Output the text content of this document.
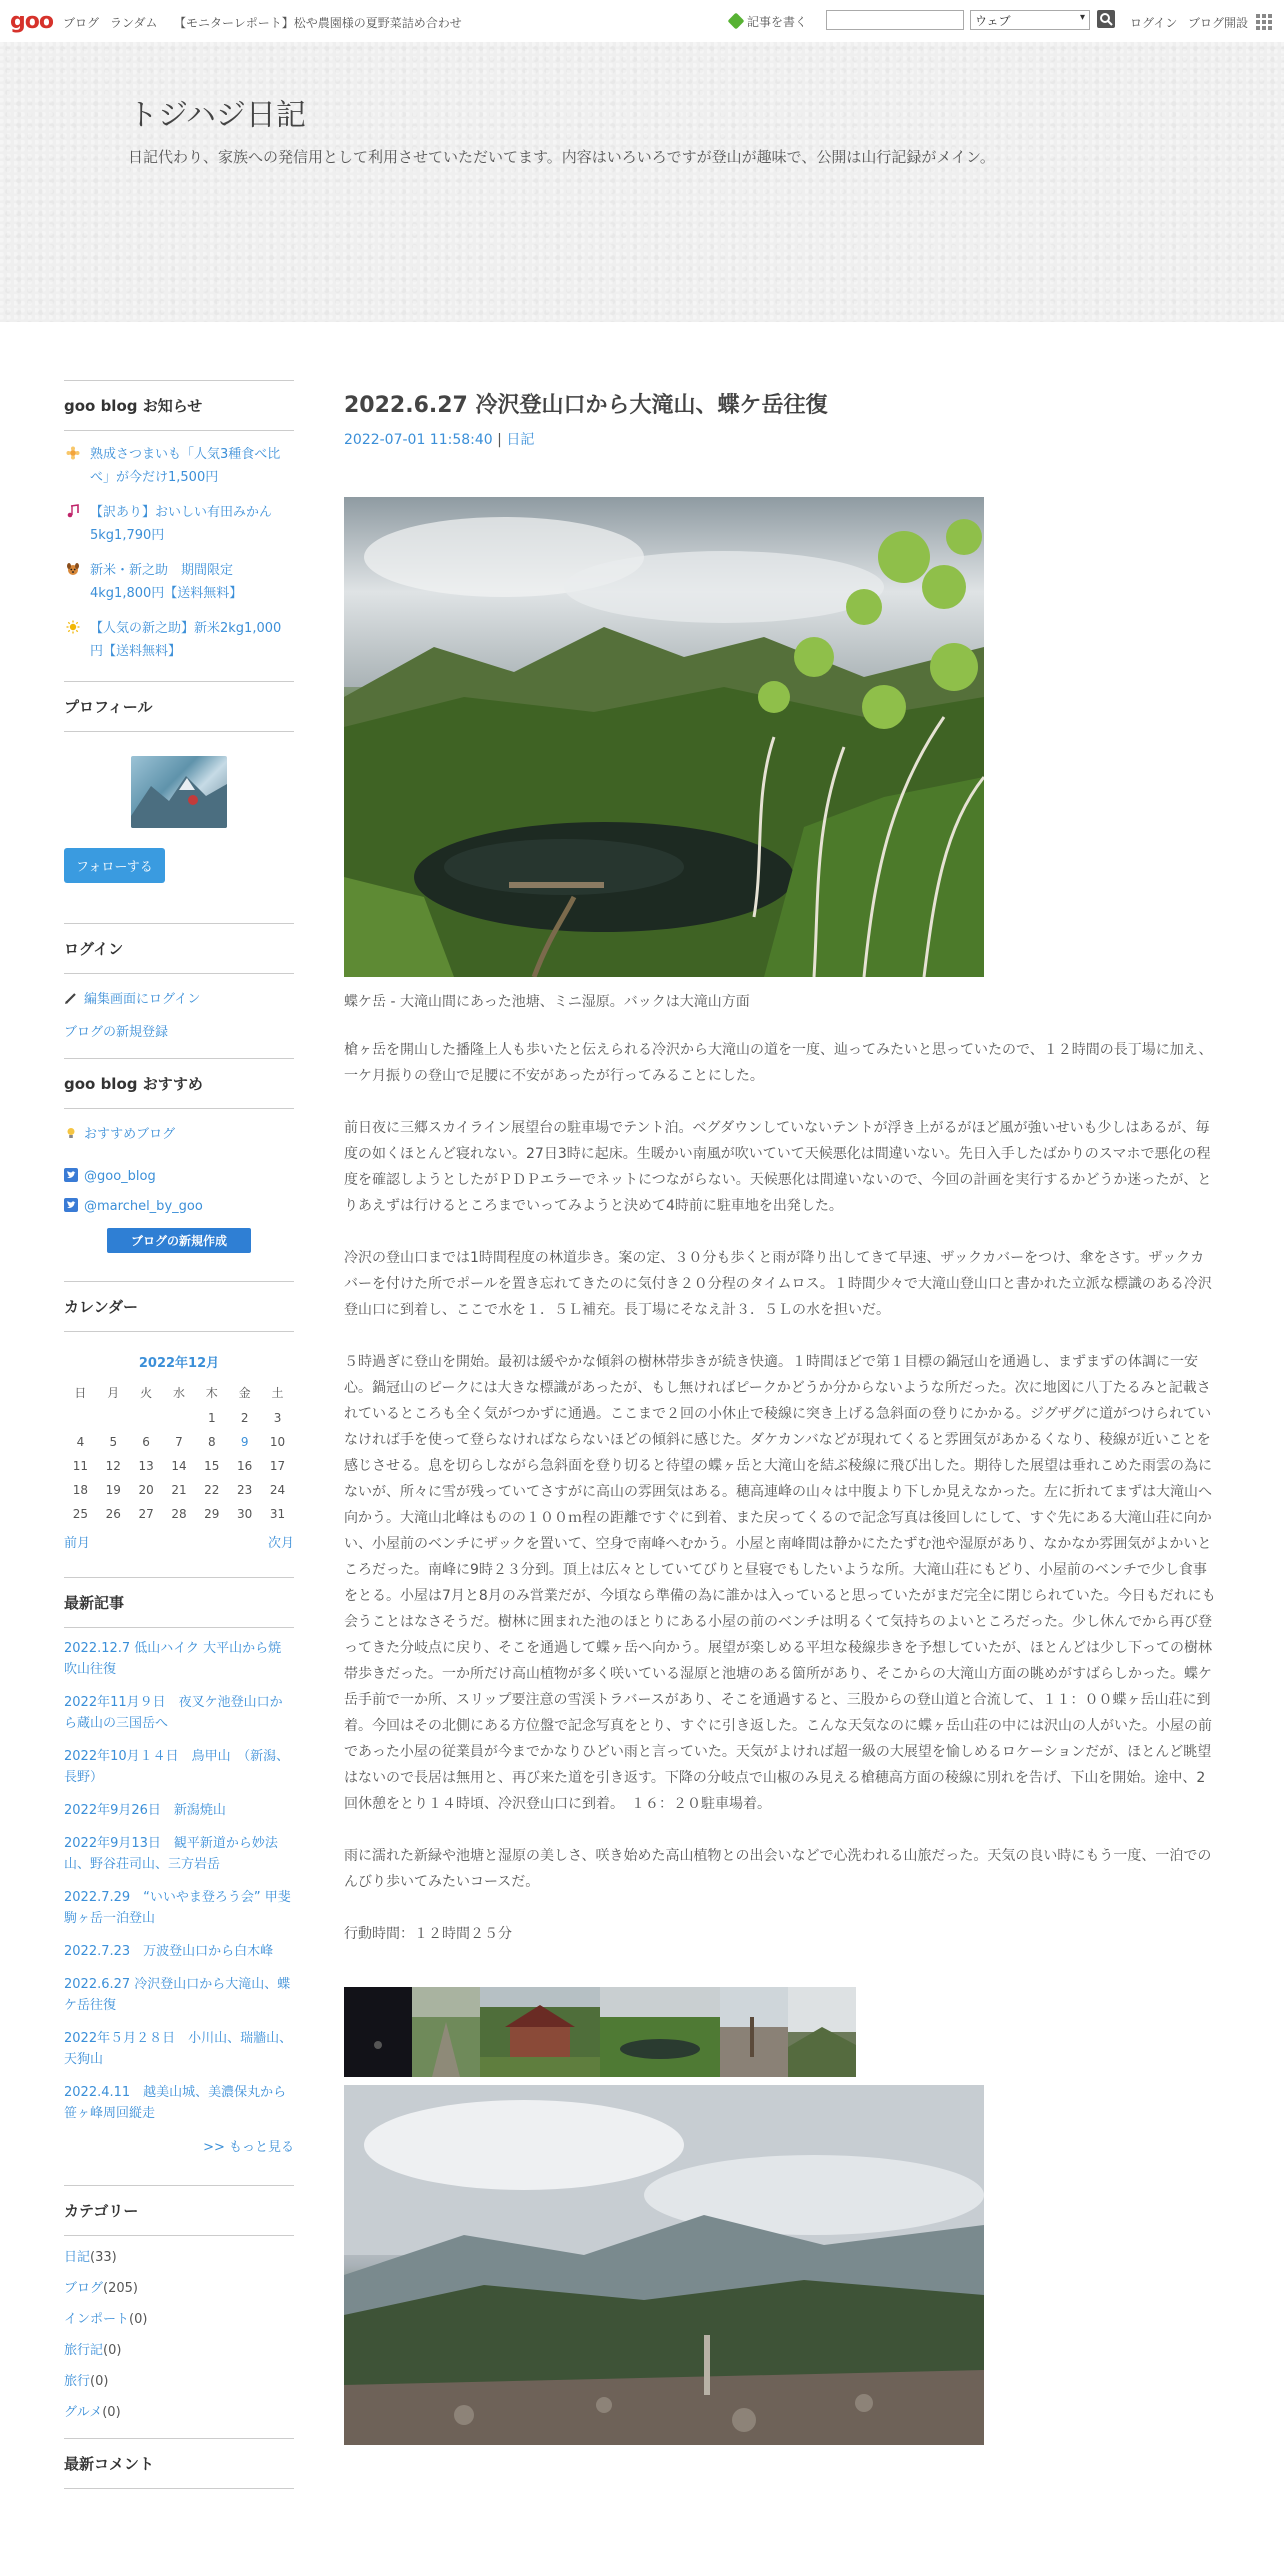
goo ブログ ランダム 【モニターレポート】松や農園様の夏野菜詰め合わせ	記事を書く	ウェブ	▾	ログイン ブログ開設
トジハジ日記
日記代わり、家族への発信用として利用させていただいてます。内容はいろいろですが登山が趣味で、公開は山行記録がメイン。
goo blog お知らせ
熟成さつまいも「人気3種食べ比べ」が今だけ1,500円
【訳あり】おいしい有田みかん5kg1,790円
新米・新之助　期間限定4kg1,800円【送料無料】
【人気の新之助】新米2kg1,000円【送料無料】
プロフィール
フォローする
ログイン
編集画面にログイン
ブログの新規登録
goo blog おすすめ
おすすめブログ
@goo_blog
@marchel_by_goo
ブログの新規作成
カレンダー
2022年12月
日	月	火	水	木	金	土
				1	2	3
4	5	6	7	8	9	10
11	12	13	14	15	16	17
18	19	20	21	22	23	24
25	26	27	28	29	30	31
前月	次月
最新記事
2022.12.7 低山ハイク 大平山から焼吹山往復
2022年11月９日　夜叉ケ池登山口から蔵山の三国岳へ
2022年10月１４日　鳥甲山　（新潟、長野）
2022年9月26日　新潟焼山
2022年9月13日　観平新道から妙法山、野谷荘司山、三方岩岳
2022.7.29　“いいやま登ろう会” 甲斐駒ヶ岳一泊登山
2022.7.23　万波登山口から白木峰
2022.6.27 冷沢登山口から大滝山、蝶ケ岳往復
2022年５月２８日　小川山、瑞牆山、天狗山
2022.4.11　越美山城、美濃保丸から笹ヶ峰周回縦走
>> もっと見る
カテゴリー
日記(33)
ブログ(205)
インポート(0)
旅行記(0)
旅行(0)
グルメ(0)
最新コメント
2022.6.27 冷沢登山口から大滝山、蝶ケ岳往復
2022-07-01 11:58:40 | 日記
蝶ケ岳 - 大滝山間にあった池塘、ミニ湿原。バックは大滝山方面

槍ヶ岳を開山した播隆上人も歩いたと伝えられる冷沢から大滝山の道を一度、辿ってみたいと思っていたので、１２時間の長丁場に加え、一ケ月振りの登山で足腰に不安があったが行ってみることにした。

前日夜に三郷スカイライン展望台の駐車場でテント泊。ベグダウンしていないテントが浮き上がるがほど風が強いせいも少しはあるが、毎度の如くほとんど寝れない。27日3時に起床。生暖かい南風が吹いていて天候悪化は間違いない。先日入手したばかりのスマホで悪化の程度を確認しようとしたがＰＤＰエラーでネットにつながらない。天候悪化は間違いないので、今回の計画を実行するかどうか迷ったが、とりあえずは行けるところまでいってみようと決めて4時前に駐車地を出発した。

冷沢の登山口までは1時間程度の林道歩き。案の定、３０分も歩くと雨が降り出してきて早速、ザックカバーをつけ、傘をさす。ザックカバーを付けた所でポールを置き忘れてきたのに気付き２０分程のタイムロス。１時間少々で大滝山登山口と書かれた立派な標識のある冷沢登山口に到着し、ここで水を１．５Ｌ補充。長丁場にそなえ計３．５Ｌの水を担いだ。

５時過ぎに登山を開始。最初は緩やかな傾斜の樹林帯歩きが続き快適。１時間ほどで第１目標の鍋冠山を通過し、まずまずの体調に一安心。鍋冠山のピークには大きな標識があったが、もし無ければピークかどうか分からないような所だった。次に地図に八丁たるみと記載されているところも全く気がつかずに通過。ここまで２回の小休止で稜線に突き上げる急斜面の登りにかかる。ジグザグに道がつけられていなければ手を使って登らなければならないほどの傾斜に感じた。ダケカンバなどが現れてくると雰囲気があかるくなり、稜線が近いことを感じさせる。息を切らしながら急斜面を登り切ると待望の蝶ヶ岳と大滝山を結ぶ稜線に飛び出した。期待した展望は垂れこめた雨雲の為にないが、所々に雪が残っていてさすがに高山の雰囲気はある。穂高連峰の山々は中腹より下しか見えなかった。左に折れてまずは大滝山へ向かう。大滝山北峰はものの１００ｍ程の距離ですぐに到着、また戻ってくるので記念写真は後回しにして、すぐ先にある大滝山荘に向かい、小屋前のベンチにザックを置いて、空身で南峰へむかう。小屋と南峰間は静かにたたずむ池や湿原があり、なかなか雰囲気がよかいところだった。南峰に9時２３分到。頂上は広々としていてびりと昼寝でもしたいような所。大滝山荘にもどり、小屋前のベンチで少し食事をとる。小屋は7月と8月のみ営業だが、今頃なら準備の為に誰かは入っていると思っていたがまだ完全に閉じられていた。今日もだれにも会うことはなさそうだ。樹林に囲まれた池のほとりにある小屋の前のベンチは明るくて気持ちのよいところだった。少し休んでから再び登ってきた分岐点に戻り、そこを通過して蝶ヶ岳へ向かう。展望が楽しめる平坦な稜線歩きを予想していたが、ほとんどは少し下っての樹林帯歩きだった。一か所だけ高山植物が多く咲いている湿原と池塘のある箇所があり、そこからの大滝山方面の眺めがすばらしかった。蝶ケ岳手前で一か所、スリップ要注意の雪渓トラバースがあり、そこを通過すると、三股からの登山道と合流して、１１：００蝶ヶ岳山荘に到着。今回はその北側にある方位盤で記念写真をとり、すぐに引き返した。こんな天気なのに蝶ヶ岳山荘の中には沢山の人がいた。小屋の前であった小屋の従業員が今までかなりひどい雨と言っていた。天気がよければ超一級の大展望を愉しめるロケーションだが、ほとんど眺望はないので長居は無用と、再び来た道を引き返す。下降の分岐点で山椒のみ見える槍穂高方面の稜線に別れを告げ、下山を開始。途中、2回休憩をとり１４時頃、冷沢登山口に到着。　１６：２０駐車場着。

雨に濡れた新緑や池塘と湿原の美しさ、咲き始めた高山植物との出会いなどで心洗われる山旅だった。天気の良い時にもう一度、一泊でのんびり歩いてみたいコースだ。

行動時間：１２時間２５分
